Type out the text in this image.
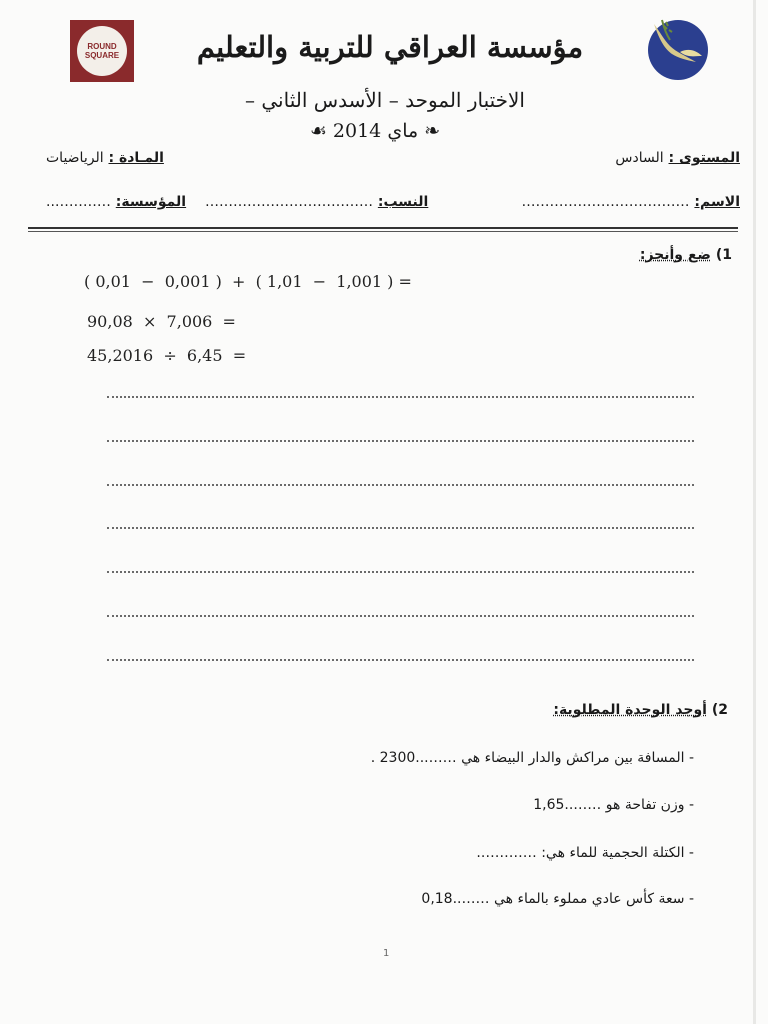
ROUND SQUARE	مؤسسة العراقي للتربية والتعليم
الاختبار الموحد – الأسدس الثاني –
❧ ماي 2014 ☙
المستوى : السادس
المـادة : الرياضيات
الاسم: ………………………………
النسب: ………………………………
المؤسسة: …………..
1) ضع وأنجز:
( 0,01  −  0,001 )  +  ( 1,01  −  1,001 ) =
90,08  ×  7,006  =
45,2016  ÷  6,45  =
2) أوجد الوحدة المطلوبة:
- المسافة بين مراكش والدار البيضاء هي ……...2300 .
- وزن تفاحة هو ……..1,65
- الكتلة الحجمية للماء هي: ………….
- سعة كأس عادي مملوء بالماء هي ……..0,18
1
